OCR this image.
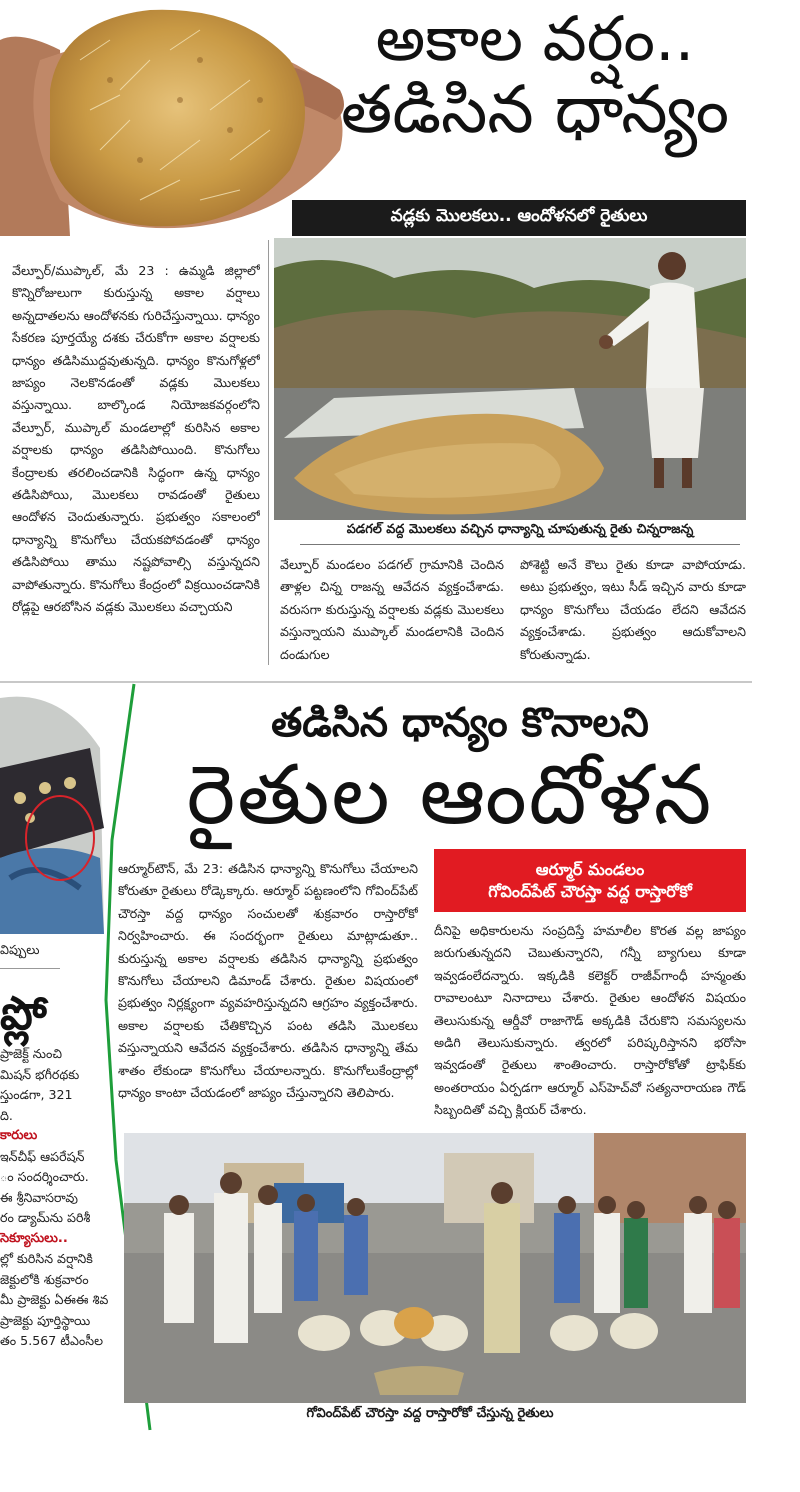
అకాల వర్షం..
తడిసిన ధాన్యం
వడ్లకు మొలకలు.. ఆందోళనలో రైతులు
వేల్పూర్/ముప్కాల్, మే 23 : ఉమ్మడి జిల్లాలో కొన్నిరోజులుగా కురుస్తున్న అకాల వర్షాలు అన్నదాతలను ఆందోళనకు గురిచేస్తున్నాయి. ధాన్యం సేకరణ పూర్తయ్యే దశకు చేరుకోగా అకాల వర్షాలకు ధాన్యం తడిసిముద్దవుతున్నది. ధాన్యం కొనుగోళ్లలో జాప్యం నెలకొనడంతో వడ్లకు మొలకలు వస్తున్నాయి. బాల్కొండ నియోజకవర్గంలోని వేల్పూర్, ముప్కాల్ మండలాల్లో కురిసిన అకాల వర్షాలకు ధాన్యం తడిసిపోయింది. కొనుగోలు కేంద్రాలకు తరలించడానికి సిద్ధంగా ఉన్న ధాన్యం తడిసిపోయి, మొలకలు రావడంతో రైతులు ఆందోళన చెందుతున్నారు. ప్రభుత్వం సకాలంలో ధాన్యాన్ని కొనుగోలు చేయకపోవడంతో ధాన్యం తడిసిపోయి తాము నష్టపోవాల్సి వస్తున్నదని వాపోతున్నారు. కొనుగోలు కేంద్రంలో విక్రయించడానికి రోడ్లపై ఆరబోసిన వడ్లకు మొలకలు వచ్చాయని
పడగల్ వద్ద మొలకలు వచ్చిన ధాన్యాన్ని చూపుతున్న రైతు చిన్నరాజన్న
వేల్పూర్ మండలం పడగల్ గ్రామానికి చెందిన తాళ్లల చిన్న రాజన్న ఆవేదన వ్యక్తంచేశాడు. వరుసగా కురుస్తున్న వర్షాలకు వడ్లకు మొలకలు వస్తున్నాయని ముప్కాల్ మండలానికి చెందిన దండుగుల
పోశెట్టి అనే కౌలు రైతు కూడా వాపోయాడు. అటు ప్రభుత్వం, ఇటు సీడ్ ఇచ్చిన వారు కూడా ధాన్యం కొనుగోలు చేయడం లేదని ఆవేదన వ్యక్తంచేశాడు. ప్రభుత్వం ఆదుకోవాలని కోరుతున్నాడు.
విప్పులు
ప్లో
ప్రాజెక్ట్ నుంచి
మిషన్ భగీరథకు
స్తుండగా, 321
ది.
కారులు
ఇన్‌చీఫ్ ఆపరేషన్
ం సందర్శించారు.
ఈ శ్రీనివాసరావు
రం డ్యామ్‌ను పరిశీ
సెక్యూసులు..
ల్లో కురిసిన వర్షానికి
జెక్టులోకి శుక్రవారం
మీ ప్రాజెక్టు ఏఈఈ శివ
ప్రాజెక్టు పూర్తిస్థాయి
తం 5.567 టీఎంసీల
తడిసిన ధాన్యం కొనాలని
రైతుల ఆందోళన
ఆర్మూర్‌టౌన్, మే 23: తడిసిన ధాన్యాన్ని కొనుగోలు చేయాలని కోరుతూ రైతులు రోడ్కెక్కారు. ఆర్మూర్ పట్టణంలోని గోవింద్‌పేట్ చౌరస్తా వద్ద ధాన్యం సంచులతో శుక్రవారం రాస్తారోకో నిర్వహించారు. ఈ సందర్భంగా రైతులు మాట్లాడుతూ.. కురుస్తున్న అకాల వర్షాలకు తడిసిన ధాన్యాన్ని ప్రభుత్వం కొనుగోలు చేయాలని డిమాండ్ చేశారు. రైతుల విషయంలో ప్రభుత్వం నిర్లక్ష్యంగా వ్యవహరిస్తున్నదని ఆగ్రహం వ్యక్తంచేశారు. అకాల వర్షాలకు చేతికొచ్చిన పంట తడిసి మొలకలు వస్తున్నాయని ఆవేదన వ్యక్తంచేశారు. తడిసిన ధాన్యాన్ని తేమ శాతం లేకుండా కొనుగోలు చేయాలన్నారు. కొనుగోలుకేంద్రాల్లో ధాన్యం కాంటా చేయడంలో జాప్యం చేస్తున్నారని తెలిపారు.
ఆర్మూర్ మండలం
గోవింద్‌పేట్ చౌరస్తా వద్ద రాస్తారోకో
దీనిపై అధికారులను సంప్రదిస్తే హమాలీల కొరత వల్ల జాప్యం జరుగుతున్నదని చెబుతున్నారని, గన్నీ బ్యాగులు కూడా ఇవ్వడంలేదన్నారు. ఇక్కడికి కలెక్టర్ రాజీవ్‌గాంధీ హన్మంతు రావాలంటూ నినాదాలు చేశారు. రైతుల ఆందోళన విషయం తెలుసుకున్న ఆర్డీవో రాజాగౌడ్ అక్కడికి చేరుకొని సమస్యలను అడిగి తెలుసుకున్నారు. త్వరలో పరిష్కరిస్తానని భరోసా ఇవ్వడంతో రైతులు శాంతించారు. రాస్తారోకోతో ట్రాఫిక్‌కు అంతరాయం ఏర్పడగా ఆర్మూర్ ఎస్‌హెచ్‌వో సత్యనారాయణ గౌడ్ సిబ్బందితో వచ్చి క్లియర్ చేశారు.
గోవింద్‌పేట్ చౌరస్తా వద్ద రాస్తారోకో చేస్తున్న రైతులు
